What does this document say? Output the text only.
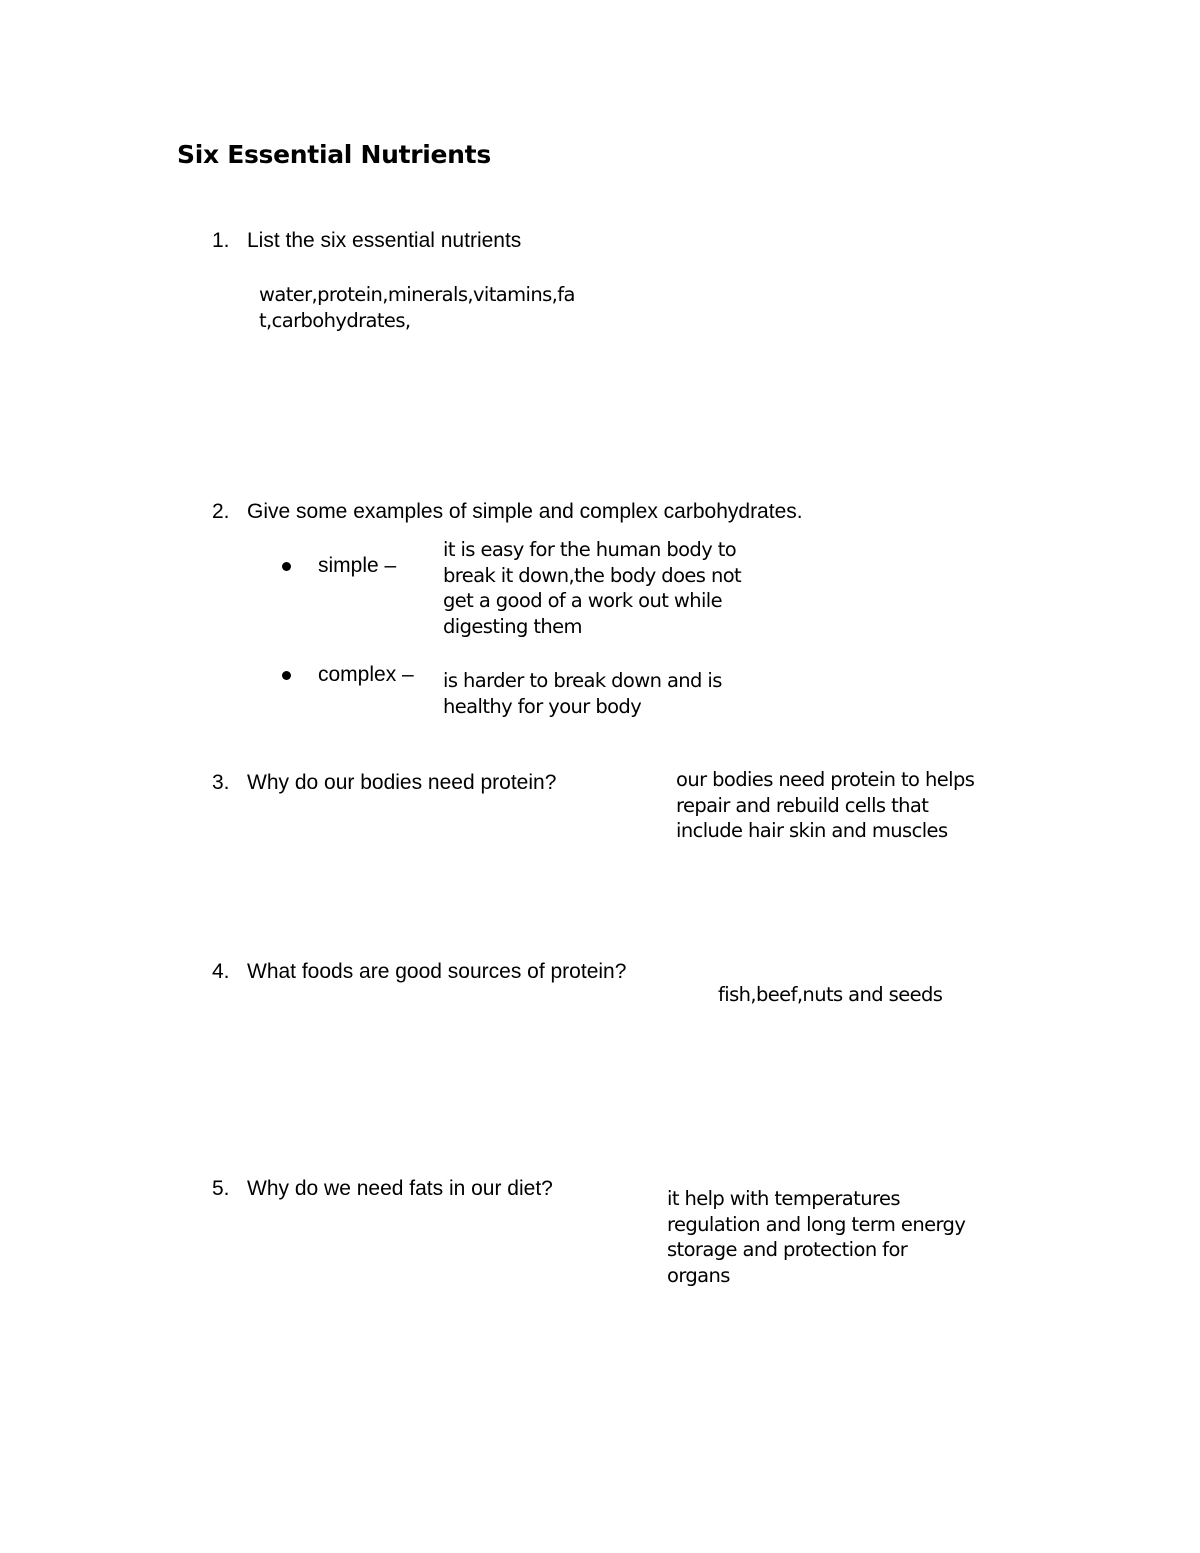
Six Essential Nutrients
1. List the six essential nutrients
water,protein,minerals,vitamins,fa
t,carbohydrates,
2. Give some examples of simple and complex carbohydrates.
simple –
it is easy for the human body to
break it down,the body does not
get a good of a work out while
digesting them
complex – is harder to break down and is
healthy for your body
3. Why do our bodies need protein?	our bodies need protein to helps
repair and rebuild cells that
include hair skin and muscles
4. What foods are good sources of protein?
fish,beef,nuts and seeds
5. Why do we need fats in our diet?	it help with temperatures
regulation and long term energy
storage and protection for
organs
